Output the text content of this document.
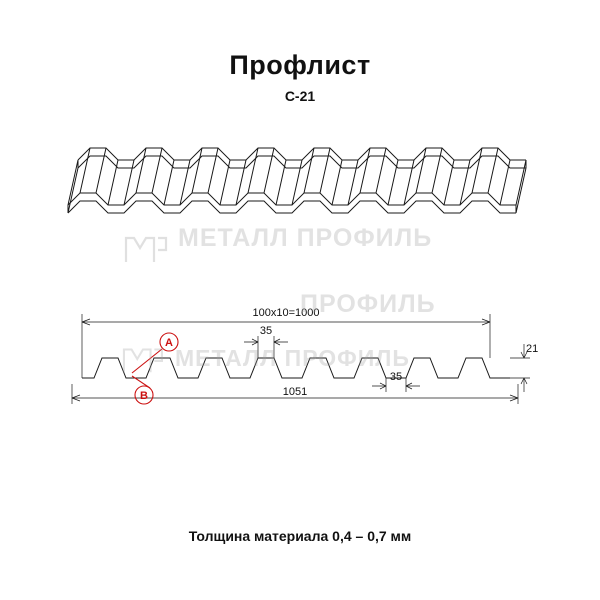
Профлист
С-21
100х10=1000
1051
21
35
35
A
B
МЕТАЛЛ ПРОФИЛЬ
ПРОФИЛЬ
МЕТАЛЛ ПРОФИЛЬ
Толщина материала 0,4 – 0,7 мм
